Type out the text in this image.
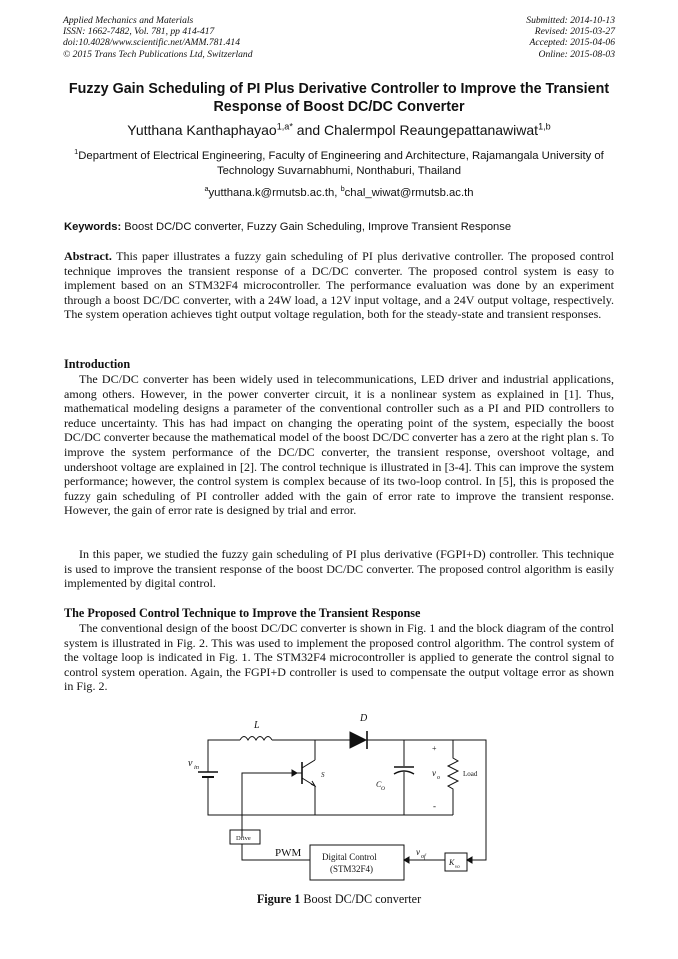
Applied Mechanics and Materials
ISSN: 1662-7482, Vol. 781, pp 414-417
doi:10.4028/www.scientific.net/AMM.781.414
© 2015 Trans Tech Publications Ltd, Switzerland
Submitted: 2014-10-13
Revised: 2015-03-27
Accepted: 2015-04-06
Online: 2015-08-03
Fuzzy Gain Scheduling of PI Plus Derivative Controller to Improve the Transient Response of Boost DC/DC Converter
Yutthana Kanthaphayao$^{1,a*}$ and Chalermpol Reaungepattanawiwat$^{1,b}$
$^1$Department of Electrical Engineering, Faculty of Engineering and Architecture, Rajamangala University of Technology Suvarnabhumi, Nonthaburi, Thailand
$^a$yutthana.k@rmutsb.ac.th, $^b$chal_wiwat@rmutsb.ac.th
Keywords: Boost DC/DC converter, Fuzzy Gain Scheduling, Improve Transient Response
Abstract. This paper illustrates a fuzzy gain scheduling of PI plus derivative controller. The proposed control technique improves the transient response of a DC/DC converter. The proposed control system is easy to implement based on an STM32F4 microcontroller. The performance evaluation was done by an experiment through a boost DC/DC converter, with a 24W load, a 12V input voltage, and a 24V output voltage, respectively. The system operation achieves tight output voltage regulation, both for the steady-state and transient responses.
Introduction
The DC/DC converter has been widely used in telecommunications, LED driver and industrial applications, among others. However, in the power converter circuit, it is a nonlinear system as explained in [1]. Thus, mathematical modeling designs a parameter of the conventional controller such as a PI and PID controllers to reduce uncertainty. This has had impact on changing the operating point of the system, especially the boost DC/DC converter because the mathematical model of the boost DC/DC converter has a zero at the right plan s. To improve the system performance of the DC/DC converter, the transient response, overshoot voltage, and undershoot voltage are explained in [2]. The control technique is illustrated in [3-4]. This can improve the system performance; however, the control system is complex because of its two-loop control. In [5], this is proposed the fuzzy gain scheduling of PI controller added with the gain of error rate to improve the transient response. However, the gain of error rate is designed by trial and error.
In this paper, we studied the fuzzy gain scheduling of PI plus derivative (FGPI+D) controller. This technique is used to improve the transient response of the boost DC/DC converter. The proposed control algorithm is easily implemented by digital control.
The Proposed Control Technique to Improve the Transient Response
The conventional design of the boost DC/DC converter is shown in Fig. 1 and the block diagram of the control system is illustrated in Fig. 2. This was used to implement the proposed control algorithm. The control system of the voltage loop is indicated in Fig. 1. The STM32F4 microcontroller is applied to generate the control signal to control system operation. Again, the FGPI+D controller is used to compensate the output voltage error as shown in Fig. 2.
L
D
v in
S
C O
+
v o
-
Load
Drive
PWM Digital Control
(STM32F4)
v of
K
vo
Figure 1 Boost DC/DC converter
